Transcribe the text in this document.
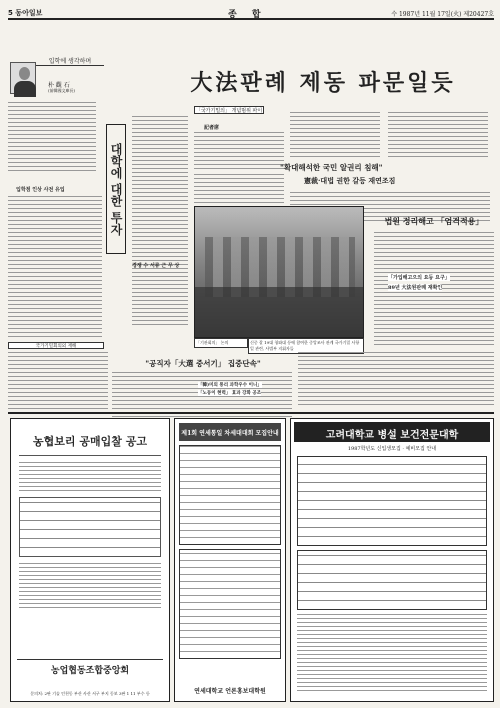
5 동아일보	종 합	수 1987년 11월 17일(火) 제20427호
입학에 생각하며
朴 觀 石
(前韓國文庫長)
입학점 인상 사전 유입	대학에 대한 투자
경쟁 수 서류 근 무 상
大法판례 제동 파문일듯
「국가기밀의」 개념범위 파이
記者席
"확대해석한 국민 알권리 침해"
憲裁·대법 권한 갈등 재연조짐
「기관회의」 논의	신중 잘 19대 청와대 등에 참여한 중앙조사 관계 국가기밀 사항일 관련, 사법부 지휘자들
법원 정리해고 「엄격적용」
「가입해고으의 요등 요구」
89년 大法원판례 재확인
국가기밀회의외 재해
"공직자「大選 중서기」 집중단속"
「韓)미의 통리 과학우수 이니」
「노동이 현력」 효과 강화 공조
농협보리 공매입찰 공고
농업협동조합중앙회
문의처: 2판 기술 인천동 부산 사산 서구 부지 동보 3판 1 11 부수 등
제1회 연세통일 차세대대회 모집안내
연세대학교 언론홍보대학원
고려대학교 병설 보건전문대학
1987학년도 신입생모집 · 예비모집 안내
